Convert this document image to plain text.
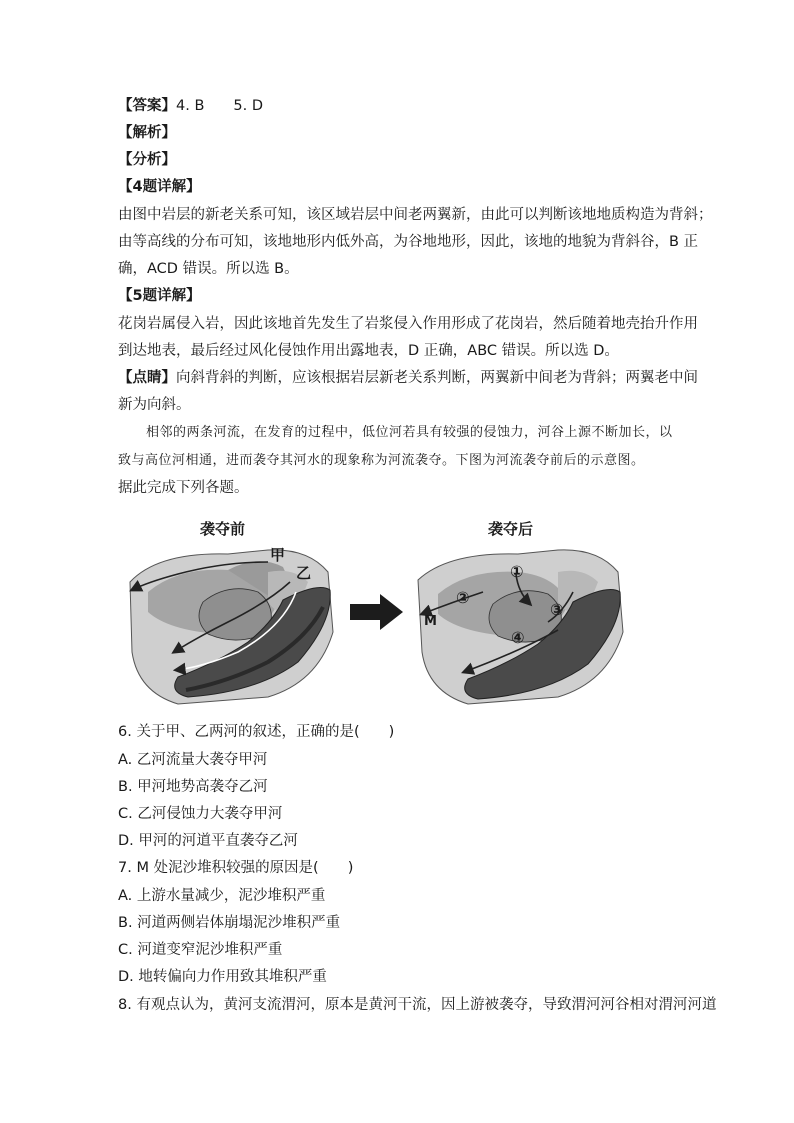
【答案】4. B　　5. D
【解析】
【分析】
【4题详解】
由图中岩层的新老关系可知，该区域岩层中间老两翼新，由此可以判断该地地质构造为背斜；
由等高线的分布可知，该地地形内低外高，为谷地地形，因此，该地的地貌为背斜谷，B 正
确，ACD 错误。所以选 B。
【5题详解】
花岗岩属侵入岩，因此该地首先发生了岩浆侵入作用形成了花岗岩，然后随着地壳抬升作用
到达地表，最后经过风化侵蚀作用出露地表，D 正确，ABC 错误。所以选 D。
【点睛】向斜背斜的判断，应该根据岩层新老关系判断，两翼新中间老为背斜；两翼老中间
新为向斜。
相邻的两条河流，在发育的过程中，低位河若具有较强的侵蚀力，河谷上源不断加长，以
致与高位河相通，进而袭夺其河水的现象称为河流袭夺。下图为河流袭夺前后的示意图。
据此完成下列各题。
袭夺前	袭夺后
甲
乙
M
①
②
③
④
6. 关于甲、乙两河的叙述，正确的是(　　)
A. 乙河流量大袭夺甲河
B. 甲河地势高袭夺乙河
C. 乙河侵蚀力大袭夺甲河
D. 甲河的河道平直袭夺乙河
7. M 处泥沙堆积较强的原因是(　　)
A. 上游水量减少，泥沙堆积严重
B. 河道两侧岩体崩塌泥沙堆积严重
C. 河道变窄泥沙堆积严重
D. 地转偏向力作用致其堆积严重
8. 有观点认为，黄河支流渭河，原本是黄河干流，因上游被袭夺，导致渭河河谷相对渭河河道
